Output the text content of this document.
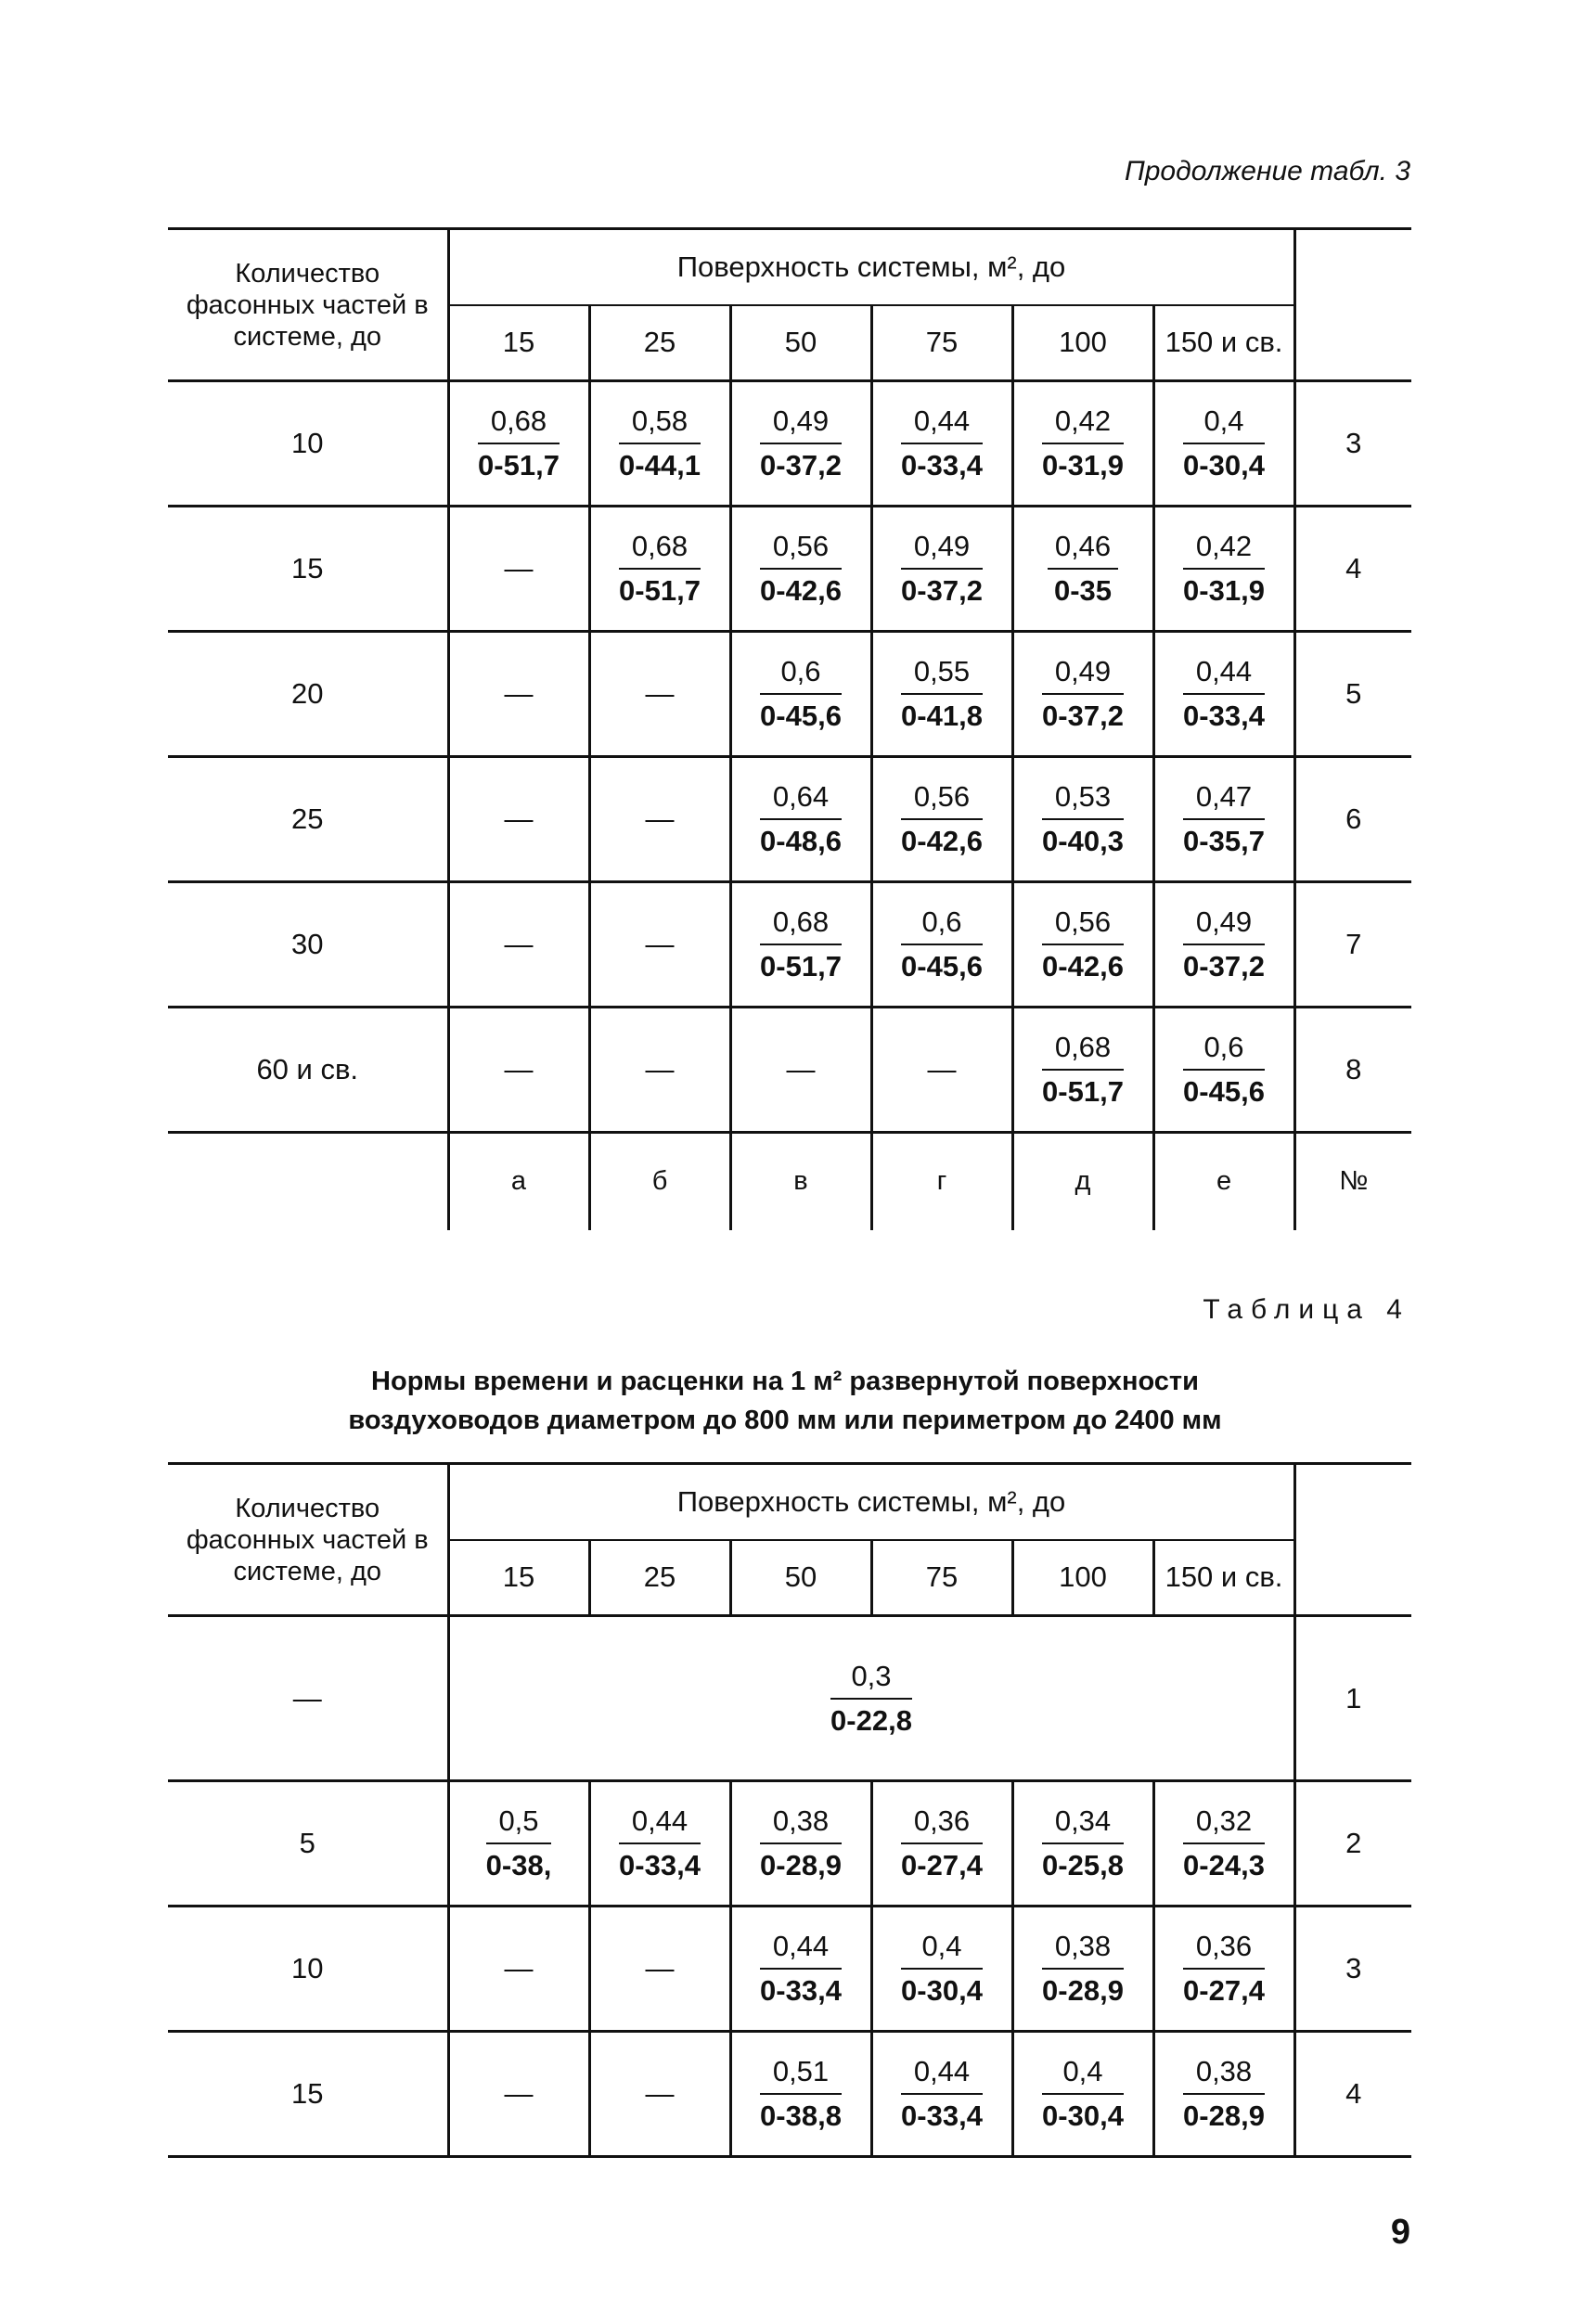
Продолжение табл. 3
Количество фасонных частей в системе, до	Поверхность системы, м², до						
	15	25	50	75	100	150 и св.	
10	$\frac{0,68}{0-51,7}$	$\frac{0,58}{0-44,1}$	$\frac{0,49}{0-37,2}$	$\frac{0,44}{0-33,4}$	$\frac{0,42}{0-31,9}$	$\frac{0,4}{0-30,4}$	3
15	—	$\frac{0,68}{0-51,7}$	$\frac{0,56}{0-42,6}$	$\frac{0,49}{0-37,2}$	$\frac{0,46}{0-35}$	$\frac{0,42}{0-31,9}$	4
20	—	—	$\frac{0,6}{0-45,6}$	$\frac{0,55}{0-41,8}$	$\frac{0,49}{0-37,2}$	$\frac{0,44}{0-33,4}$	5
25	—	—	$\frac{0,64}{0-48,6}$	$\frac{0,56}{0-42,6}$	$\frac{0,53}{0-40,3}$	$\frac{0,47}{0-35,7}$	6
30	—	—	$\frac{0,68}{0-51,7}$	$\frac{0,6}{0-45,6}$	$\frac{0,56}{0-42,6}$	$\frac{0,49}{0-37,2}$	7
60 и св.	—	—	—	—	$\frac{0,68}{0-51,7}$	$\frac{0,6}{0-45,6}$	8
	а	б	в	г	д	е	№
Таблица 4
Нормы времени и расценки на 1 м² развернутой поверхности
воздуховодов диаметром до 800 мм или периметром до 2400 мм
Количество фасонных частей в системе, до	Поверхность системы, м², до						
	15	25	50	75	100	150 и св.	
—	$\frac{0,3}{0-22,8}$						1
5	$\frac{0,5}{0-38,}$	$\frac{0,44}{0-33,4}$	$\frac{0,38}{0-28,9}$	$\frac{0,36}{0-27,4}$	$\frac{0,34}{0-25,8}$	$\frac{0,32}{0-24,3}$	2
10	—	—	$\frac{0,44}{0-33,4}$	$\frac{0,4}{0-30,4}$	$\frac{0,38}{0-28,9}$	$\frac{0,36}{0-27,4}$	3
15	—	—	$\frac{0,51}{0-38,8}$	$\frac{0,44}{0-33,4}$	$\frac{0,4}{0-30,4}$	$\frac{0,38}{0-28,9}$	4
9
